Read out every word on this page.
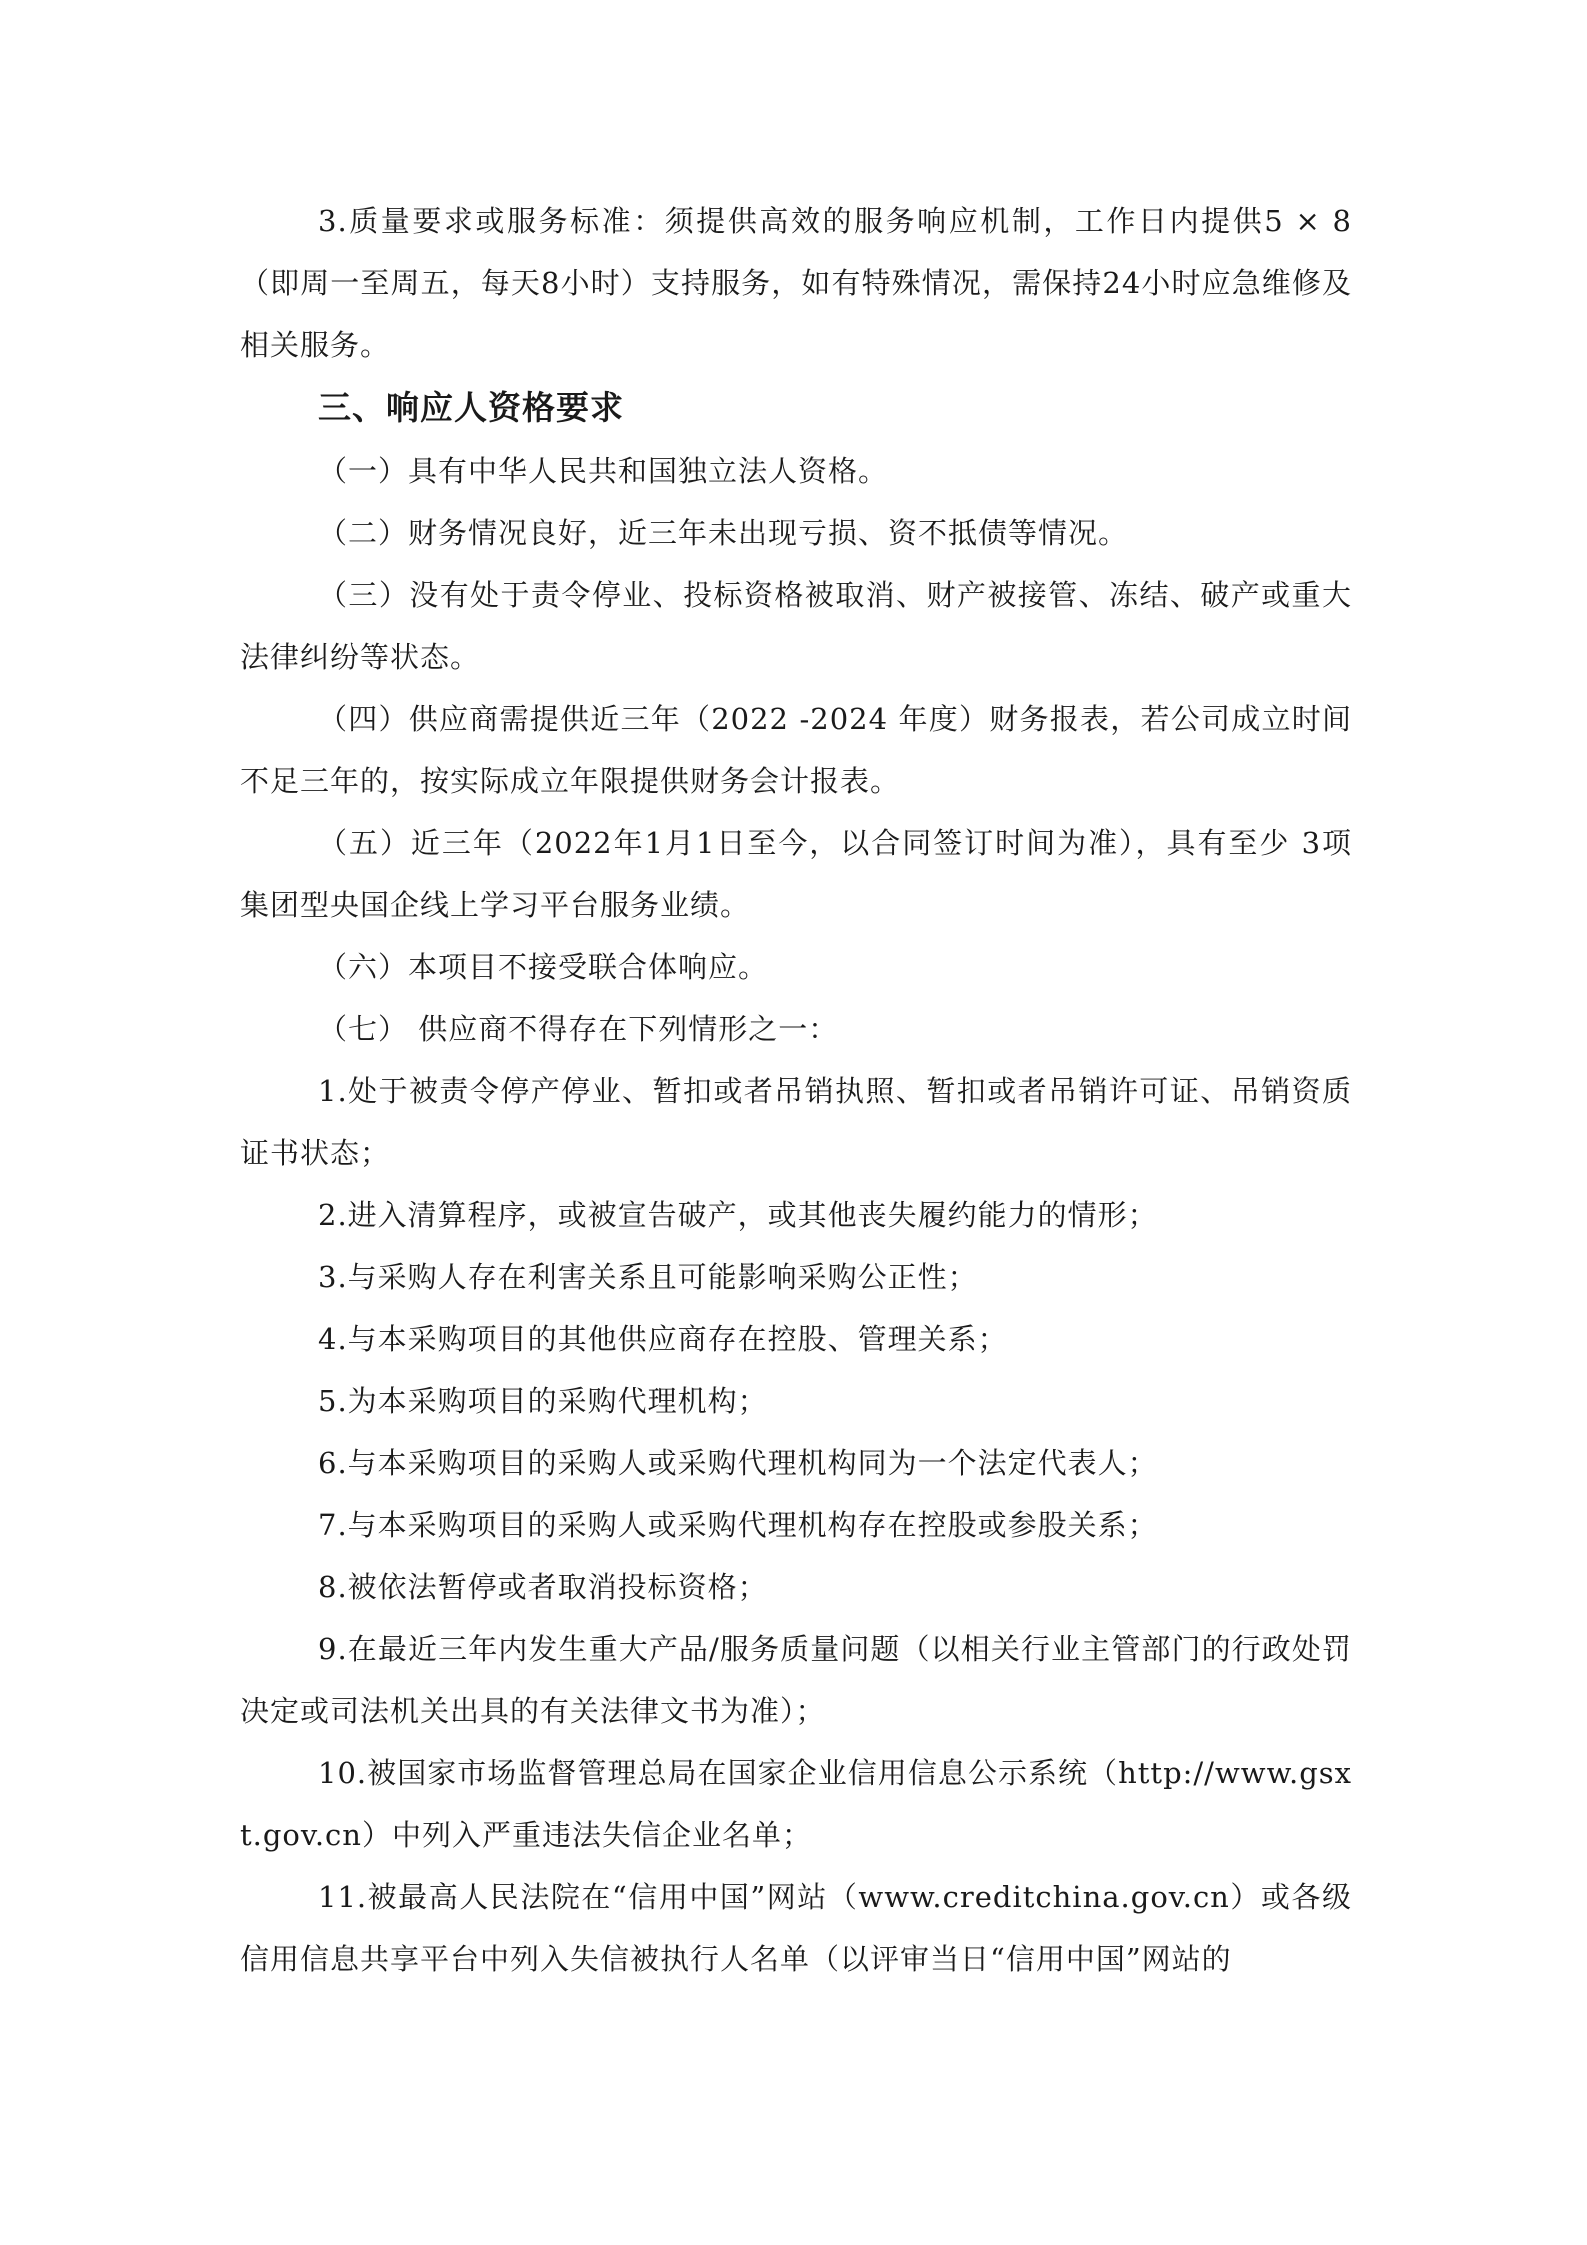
3.质量要求或服务标准：须提供高效的服务响应机制，工作日内提供5 × 8（即周一至周五，每天8小时）支持服务，如有特殊情况，需保持24小时应急维修及相关服务。

三、响应人资格要求

（一）具有中华人民共和国独立法人资格。

（二）财务情况良好，近三年未出现亏损、资不抵债等情况。

（三）没有处于责令停业、投标资格被取消、财产被接管、冻结、破产或重大法律纠纷等状态。

（四）供应商需提供近三年（2022 -2024 年度）财务报表，若公司成立时间不足三年的，按实际成立年限提供财务会计报表。

（五）近三年（2022年1月1日至今，以合同签订时间为准），具有至少 3项 集团型央国企线上学习平台服务业绩。

（六）本项目不接受联合体响应。

（七） 供应商不得存在下列情形之一：

1.处于被责令停产停业、暂扣或者吊销执照、暂扣或者吊销许可证、吊销资质证书状态；

2.进入清算程序，或被宣告破产，或其他丧失履约能力的情形；

3.与采购人存在利害关系且可能影响采购公正性；

4.与本采购项目的其他供应商存在控股、管理关系；

5.为本采购项目的采购代理机构；

6.与本采购项目的采购人或采购代理机构同为一个法定代表人；

7.与本采购项目的采购人或采购代理机构存在控股或参股关系；

8.被依法暂停或者取消投标资格；

9.在最近三年内发生重大产品/服务质量问题（以相关行业主管部门的行政处罚决定或司法机关出具的有关法律文书为准）；

10.被国家市场监督管理总局在国家企业信用信息公示系统（http://www.gsxt.gov.cn）中列入严重违法失信企业名单；

11.被最高人民法院在“信用中国”网站（www.creditchina.gov.cn）或各级信用信息共享平台中列入失信被执行人名单（以评审当日“信用中国”网站的
